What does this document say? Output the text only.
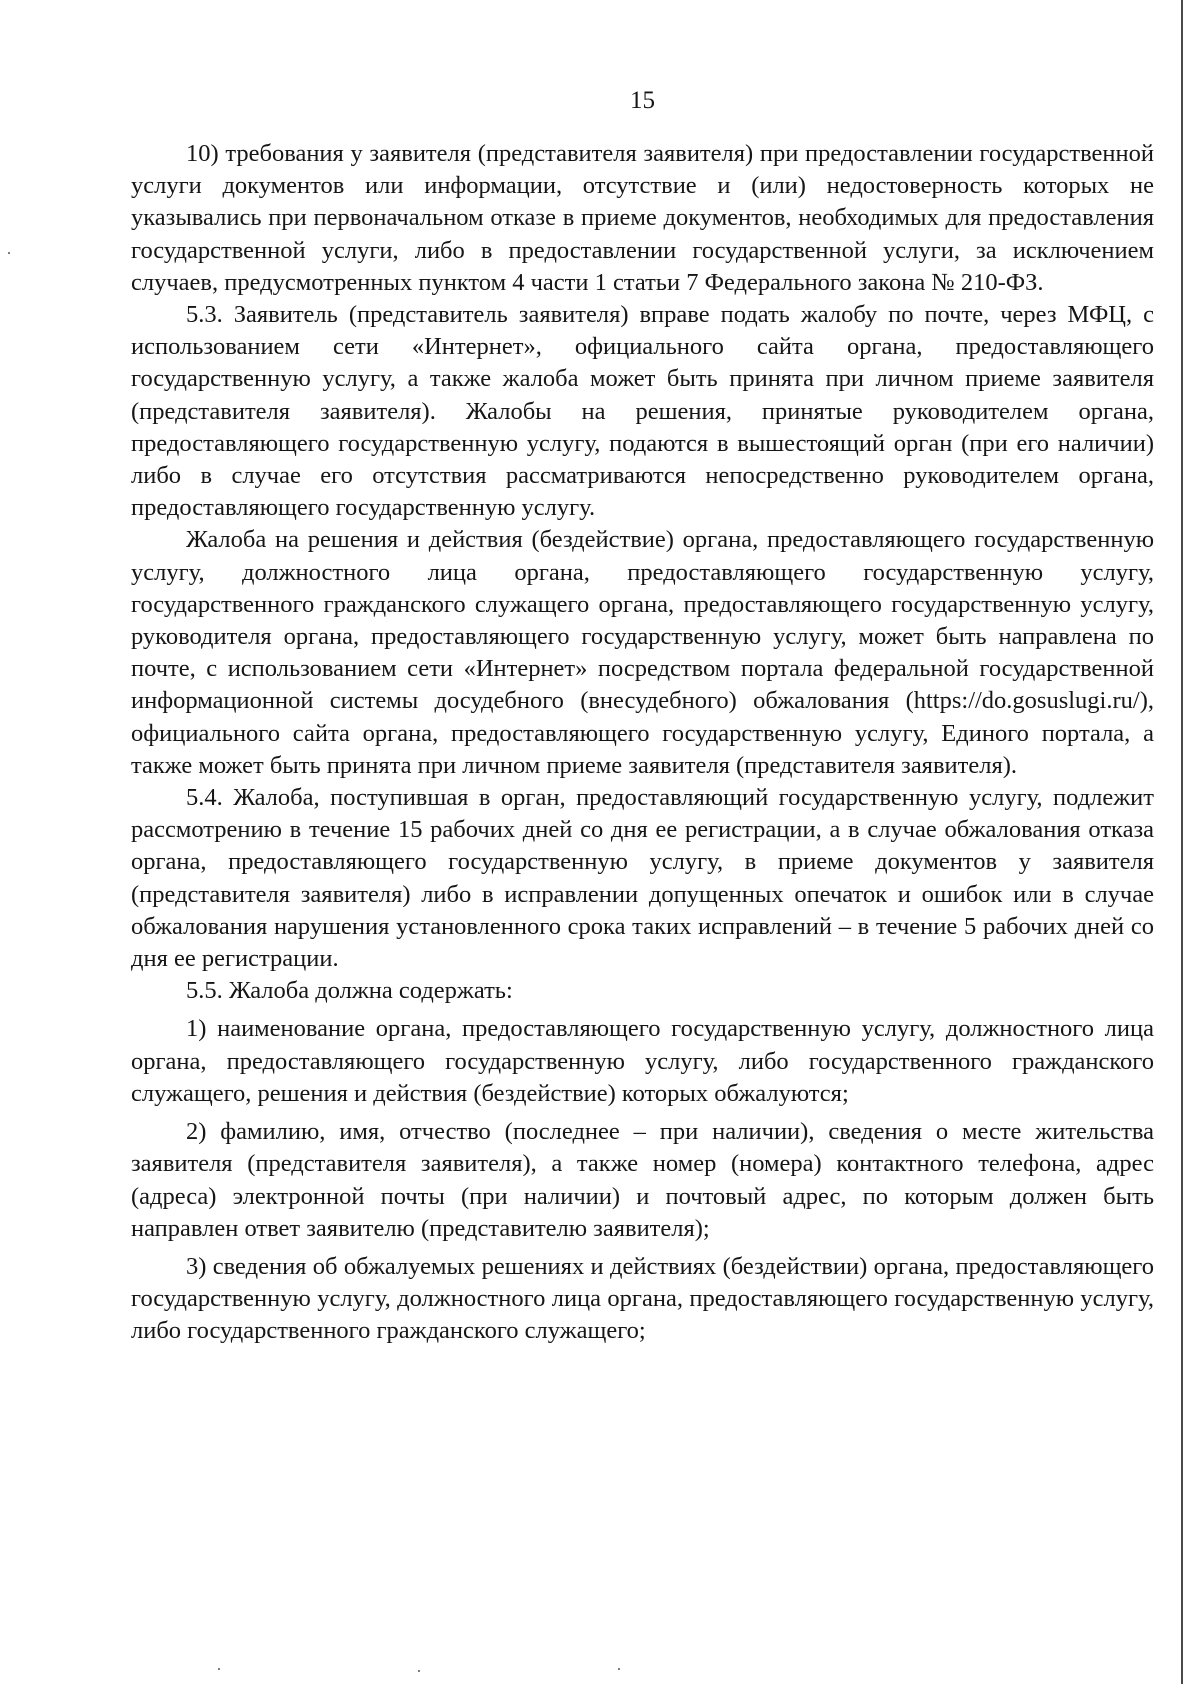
15

10) требования у заявителя (представителя заявителя) при предоставлении государственной услуги документов или информации, отсутствие и (или) недостоверность которых не указывались при первоначальном отказе в приеме документов, необходимых для предоставления государственной услуги, либо в предоставлении государственной услуги, за исключением случаев, предусмотренных пунктом 4 части 1 статьи 7 Федерального закона № 210-ФЗ.

5.3. Заявитель (представитель заявителя) вправе подать жалобу по почте, через МФЦ, с использованием сети «Интернет», официального сайта органа, предоставляющего государственную услугу, а также жалоба может быть принята при личном приеме заявителя (представителя заявителя). Жалобы на решения, принятые руководителем органа, предоставляющего государственную услугу, подаются в вышестоящий орган (при его наличии) либо в случае его отсутствия рассматриваются непосредственно руководителем органа, предоставляющего государственную услугу.

Жалоба на решения и действия (бездействие) органа, предоставляющего государственную услугу, должностного лица органа, предоставляющего государственную услугу, государственного гражданского служащего органа, предоставляющего государственную услугу, руководителя органа, предоставляющего государственную услугу, может быть направлена по почте, с использованием сети «Интернет» посредством портала федеральной государственной информационной системы досудебного (внесудебного) обжалования (https://do.gosuslugi.ru/), официального сайта органа, предоставляющего государственную услугу, Единого портала, а также может быть принята при личном приеме заявителя (представителя заявителя).

5.4. Жалоба, поступившая в орган, предоставляющий государственную услугу, подлежит рассмотрению в течение 15 рабочих дней со дня ее регистрации, а в случае обжалования отказа органа, предоставляющего государственную услугу, в приеме документов у заявителя (представителя заявителя) либо в исправлении допущенных опечаток и ошибок или в случае обжалования нарушения установленного срока таких исправлений – в течение 5 рабочих дней со дня ее регистрации.

5.5. Жалоба должна содержать:

1) наименование органа, предоставляющего государственную услугу, должностного лица органа, предоставляющего государственную услугу, либо государственного гражданского служащего, решения и действия (бездействие) которых обжалуются;

2) фамилию, имя, отчество (последнее – при наличии), сведения о месте жительства заявителя (представителя заявителя), а также номер (номера) контактного телефона, адрес (адреса) электронной почты (при наличии) и почтовый адрес, по которым должен быть направлен ответ заявителю (представителю заявителя);

3) сведения об обжалуемых решениях и действиях (бездействии) органа, предоставляющего государственную услугу, должностного лица органа, предоставляющего государственную услугу, либо государственного гражданского служащего;
